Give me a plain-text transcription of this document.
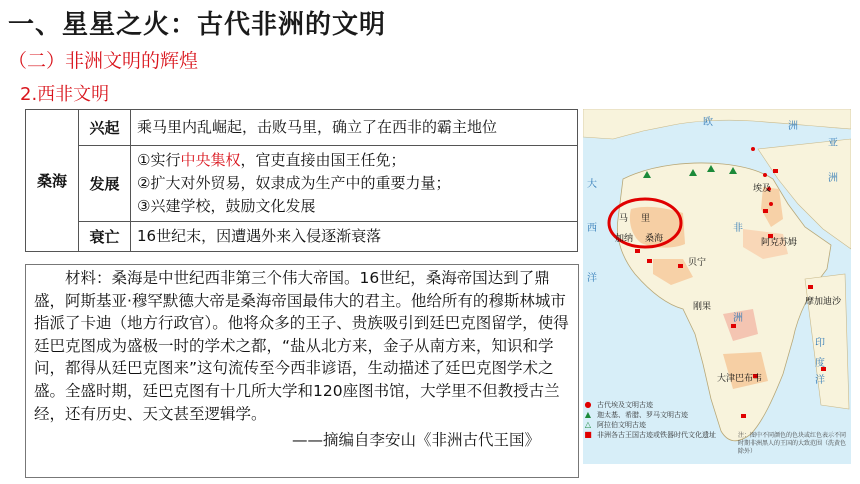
一、星星之火：古代非洲的文明
（二）非洲文明的辉煌
2.西非文明
桑海	兴起	乘马里内乱崛起，击败马里，确立了在西非的霸主地位
	发展	①实行中央集权，官吏直接由国王任免；
②扩大对外贸易，奴隶成为生产中的重要力量；
③兴建学校，鼓励文化发展

	衰亡	16世纪末，因遭遇外来入侵逐渐衰落
材料：桑海是中世纪西非第三个伟大帝国。16世纪，桑海帝国达到了鼎盛，阿斯基亚·穆罕默德大帝是桑海帝国最伟大的君主。他给所有的穆斯林城市指派了卡迪（地方行政官）。他将众多的王子、贵族吸引到廷巴克图留学，使得廷巴克图成为盛极一时的学术之都，“盐从北方来，金子从南方来，知识和学问，都得从廷巴克图来”这句流传至今西非谚语，生动描述了廷巴克图学术之盛。全盛时期，廷巴克图有十几所大学和120座图书馆，大学里不但教授古兰经，还有历史、天文甚至逻辑学。
——摘编自李安山《非洲古代王国》
欧	洲
亚
洲
大
西
洋
非
洲
印
度
洋
埃及
马 里
加纳 桑海	阿克苏姆
贝宁
刚果	摩加迪沙
大津巴布韦
● 古代埃及文明古迹
▲ 迦太基、希腊、罗马文明古迹
△ 阿拉伯文明古迹
■ 非洲各古王国古迹或铁器时代文化遗址	注：图中不同颜色的色块或红色表示不同时期非洲黑人的王国的大致范围（洗黄色除外）
